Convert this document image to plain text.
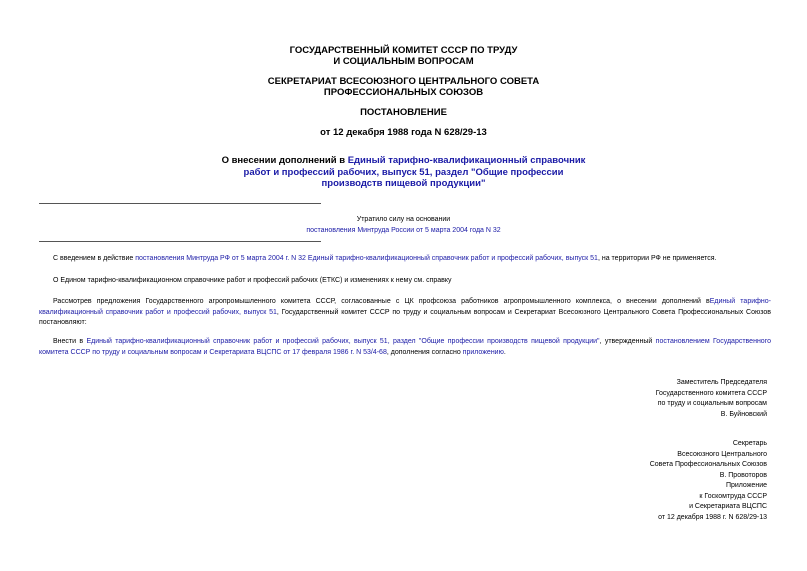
ГОСУДАРСТВЕННЫЙ КОМИТЕТ СССР ПО ТРУДУ
И СОЦИАЛЬНЫМ ВОПРОСАМ
СЕКРЕТАРИАТ ВСЕСОЮЗНОГО ЦЕНТРАЛЬНОГО СОВЕТА
ПРОФЕССИОНАЛЬНЫХ СОЮЗОВ
ПОСТАНОВЛЕНИЕ
от 12 декабря 1988 года N 628/29-13
О внесении дополнений в Единый тарифно-квалификационный справочник
работ и профессий рабочих, выпуск 51, раздел "Общие профессии
производств пищевой продукции"
Утратило силу на основании
постановления Минтруда России от 5 марта 2004 года N 32
С введением в действие постановления Минтруда РФ от 5 марта 2004 г. N 32 Единый тарифно-квалификационный справочник работ и профессий рабочих, выпуск 51, на территории РФ не применяется.
О Едином тарифно-квалификационном справочнике работ и профессий рабочих (ЕТКС) и изменениях к нему см. справку
Рассмотрев предложения Государственного агропромышленного комитета СССР, согласованные с ЦК профсоюза работников агропромышленного комплекса, о внесении дополнений вЕдиный тарифно-квалификационный справочник работ и профессий рабочих, выпуск 51, Государственный комитет СССР по труду и социальным вопросам и Секретариат Всесоюзного Центрального Совета Профессиональных Союзов постановляют:
Внести в Единый тарифно-квалификационный справочник работ и профессий рабочих, выпуск 51, раздел "Общие профессии производств пищевой продукции", утвержденный постановлением Государственного комитета СССР по труду и социальным вопросам и Секретариата ВЦСПС от 17 февраля 1986 г. N 53/4-68, дополнения согласно приложению.
Заместитель Председателя
Государственного комитета СССР
по труду и социальным вопросам
В. Буйновский
Секретарь
Всесоюзного Центрального
Совета Профессиональных Союзов
В. Провотоpов
Приложение
к Госкомтруда СССР
и Секретариата ВЦСПС
от 12 декабря 1988 г. N 628/29-13
